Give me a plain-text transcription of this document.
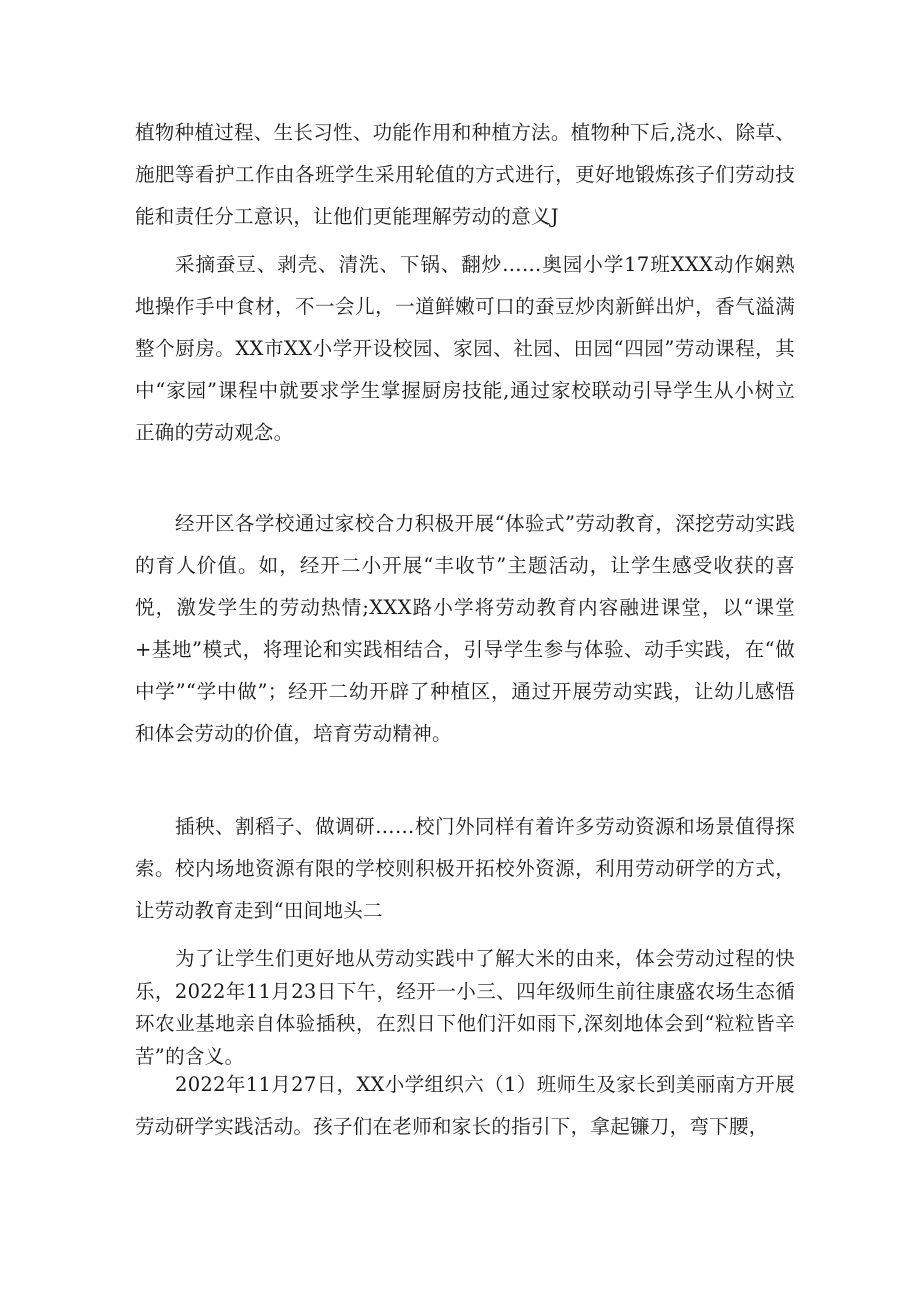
植物种植过程、生长习性、功能作用和种植方法。植物种下后,浇水、除草、施肥等看护工作由各班学生采用轮值的方式进行，更好地锻炼孩子们劳动技能和责任分工意识，让他们更能理解劳动的意义J

采摘蚕豆、剥壳、清洗、下锅、翻炒……奥园小学17班XXX动作娴熟地操作手中食材，不一会儿，一道鲜嫩可口的蚕豆炒肉新鲜出炉，香气溢满整个厨房。XX市XX小学开设校园、家园、社园、田园“四园”劳动课程，其中“家园”课程中就要求学生掌握厨房技能,通过家校联动引导学生从小树立正确的劳动观念。

经开区各学校通过家校合力积极开展“体验式”劳动教育，深挖劳动实践的育人价值。如，经开二小开展“丰收节”主题活动，让学生感受收获的喜悦，激发学生的劳动热情;XXX路小学将劳动教育内容融进课堂，以“课堂+基地”模式，将理论和实践相结合，引导学生参与体验、动手实践，在“做中学”“学中做”；经开二幼开辟了种植区，通过开展劳动实践，让幼儿感悟和体会劳动的价值，培育劳动精神。

插秧、割稻子、做调研……校门外同样有着许多劳动资源和场景值得探索。校内场地资源有限的学校则积极开拓校外资源，利用劳动研学的方式，让劳动教育走到“田间地头二

为了让学生们更好地从劳动实践中了解大米的由来，体会劳动过程的快乐，2022年11月23日下午，经开一小三、四年级师生前往康盛农场生态循环农业基地亲自体验插秧，在烈日下他们汗如雨下,深刻地体会到“粒粒皆辛苦”的含义。

2022年11月27日，XX小学组织六（1）班师生及家长到美丽南方开展劳动研学实践活动。孩子们在老师和家长的指引下，拿起镰刀，弯下腰，
